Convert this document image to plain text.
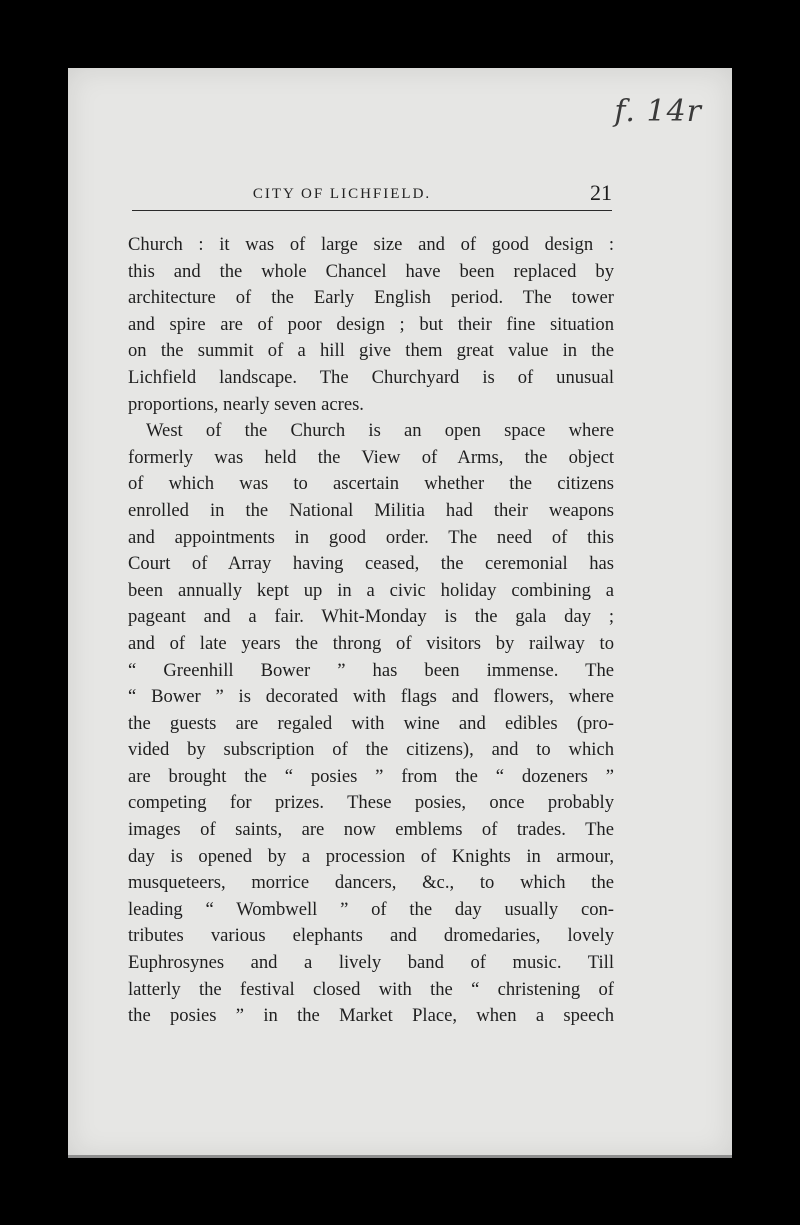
f. 14r
CITY OF LICHFIELD.	21
Church : it was of large size and of good design :
this and the whole Chancel have been replaced by
architecture of the Early English period. The tower
and spire are of poor design ; but their fine situation
on the summit of a hill give them great value in the
Lichfield landscape. The Churchyard is of unusual
proportions, nearly seven acres.
West of the Church is an open space where
formerly was held the View of Arms, the object
of which was to ascertain whether the citizens
enrolled in the National Militia had their weapons
and appointments in good order. The need of this
Court of Array having ceased, the ceremonial has
been annually kept up in a civic holiday combining a
pageant and a fair. Whit-Monday is the gala day ;
and of late years the throng of visitors by railway to
“ Greenhill Bower ” has been immense. The
“ Bower ” is decorated with flags and flowers, where
the guests are regaled with wine and edibles (pro-
vided by subscription of the citizens), and to which
are brought the “ posies ” from the “ dozeners ”
competing for prizes. These posies, once probably
images of saints, are now emblems of trades. The
day is opened by a procession of Knights in armour,
musqueteers, morrice dancers, &c., to which the
leading “ Wombwell ” of the day usually con-
tributes various elephants and dromedaries, lovely
Euphrosynes and a lively band of music. Till
latterly the festival closed with the “ christening of
the posies ” in the Market Place, when a speech
